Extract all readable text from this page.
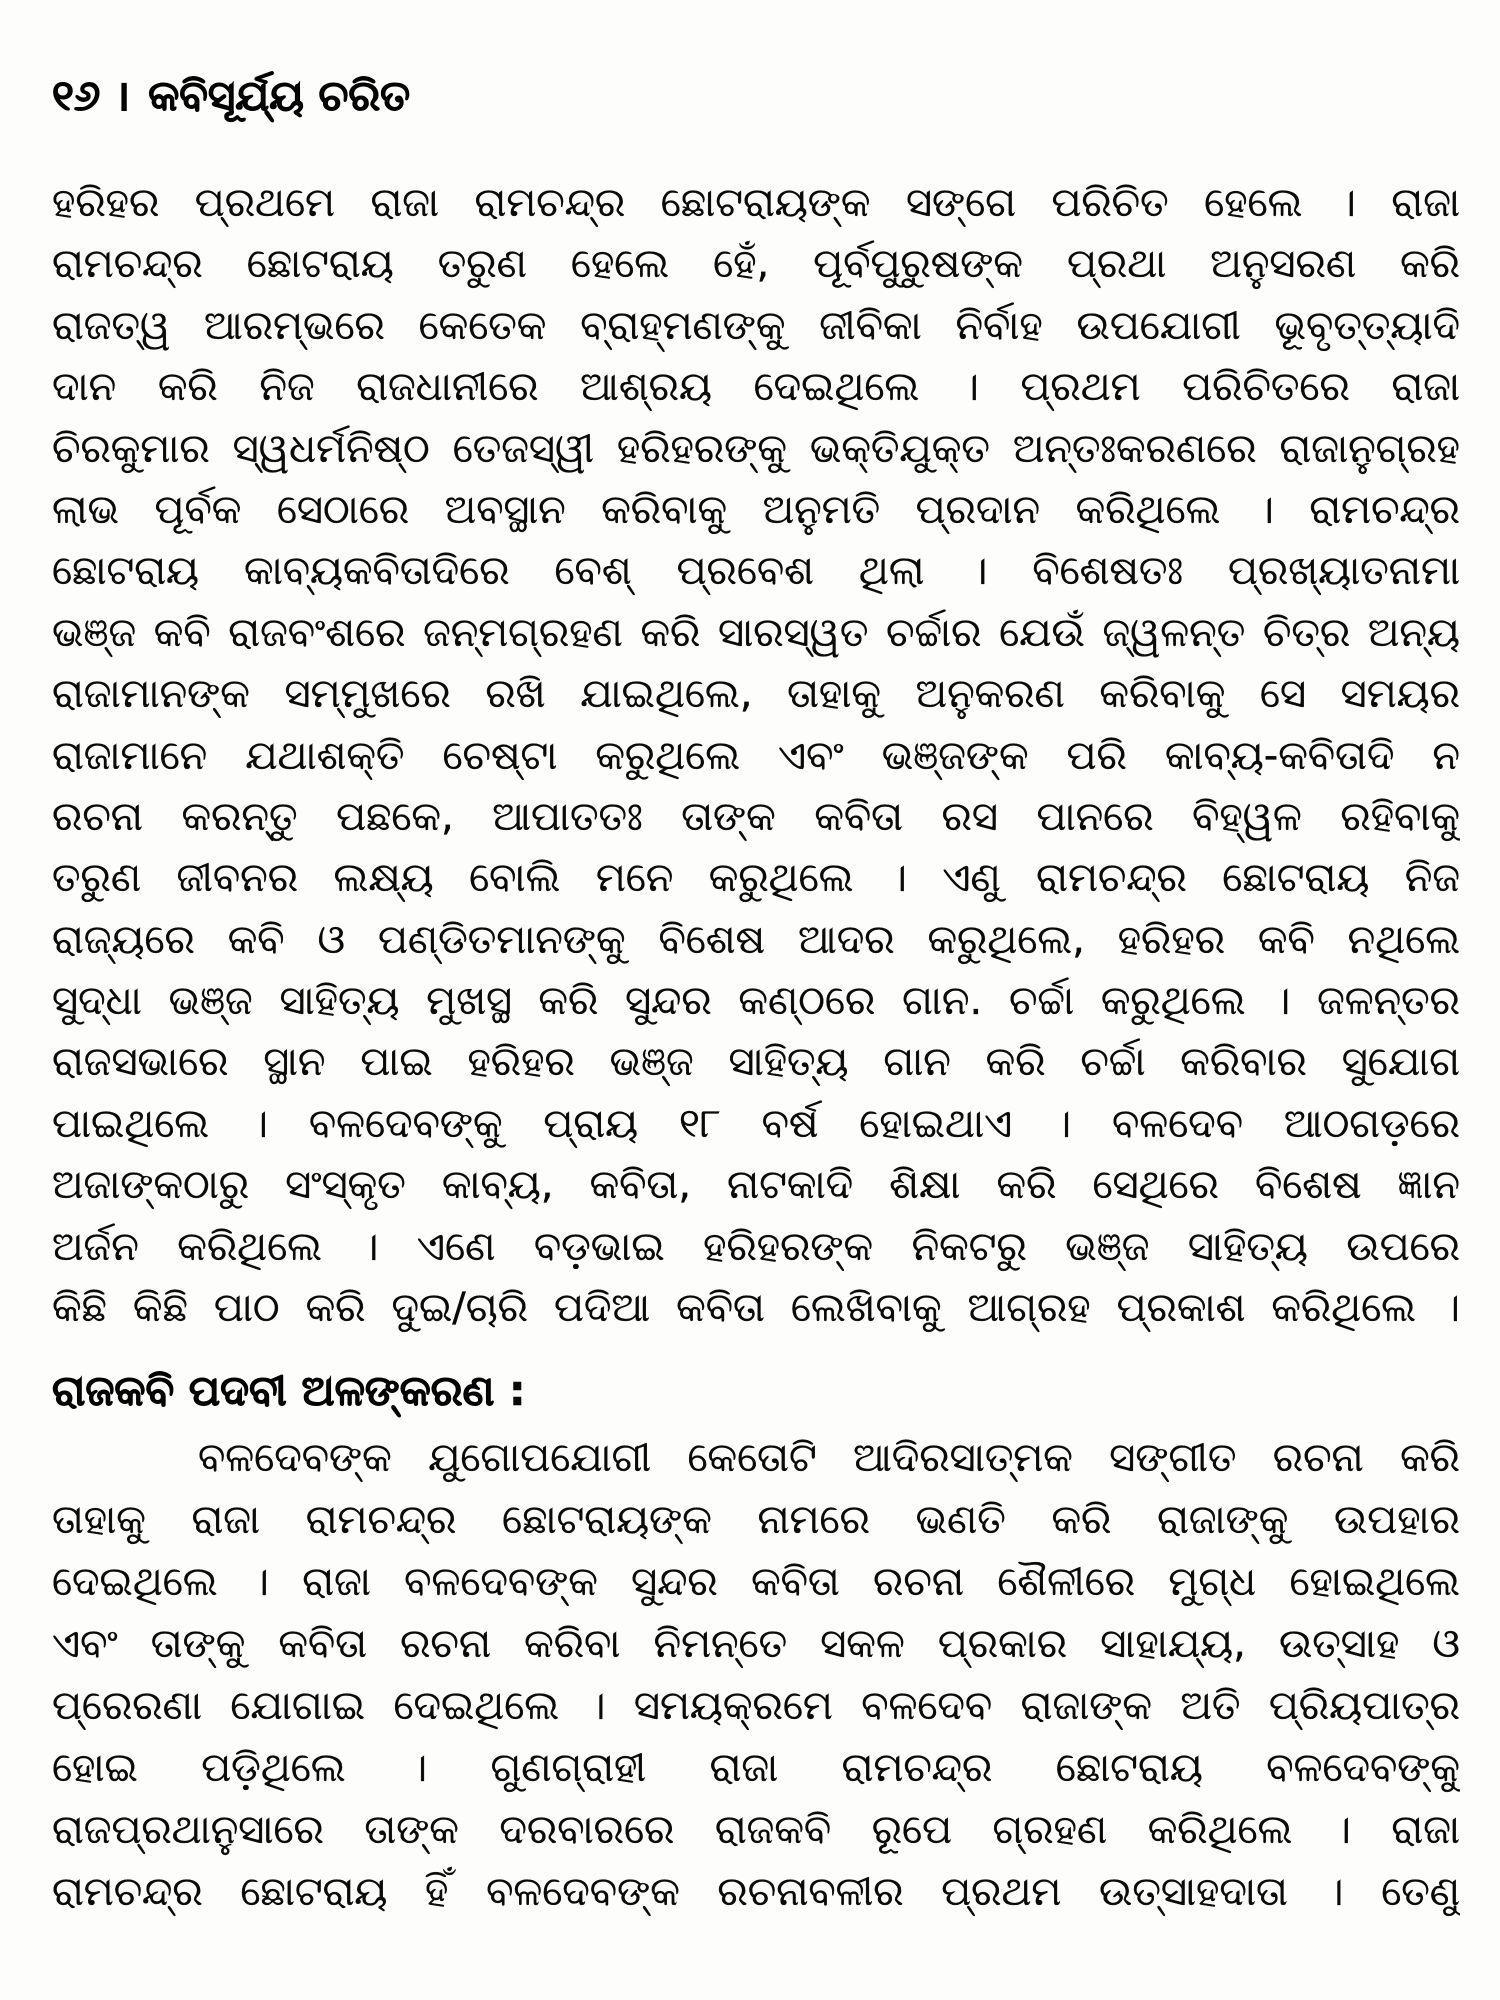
୧୬ । କବିସୂର୍ଯ୍ୟ ଚରିତ
ହରିହର ପ୍ରଥମେ ରାଜା ରାମଚନ୍ଦ୍ର ଛୋଟରାୟଙ୍କ ସଙ୍ଗେ ପରିଚିତ ହେଲେ । ରାଜା
ରାମଚନ୍ଦ୍ର ଛୋଟରାୟ ତରୁଣ ହେଲେ ହେଁ, ପୂର୍ବପୁରୁଷଙ୍କ ପ୍ରଥା ଅନୁସରଣ କରି
ରାଜତ୍ୱ ଆରମ୍ଭରେ କେତେକ ବ୍ରାହ୍ମଣଙ୍କୁ ଜୀବିକା ନିର୍ବାହ ଉପଯୋଗୀ ଭୂବୃତ୍ତ୍ୟାଦି
ଦାନ କରି ନିଜ ରାଜଧାନୀରେ ଆଶ୍ରୟ ଦେଇଥିଲେ । ପ୍ରଥମ ପରିଚିତରେ ରାଜା
ଚିରକୁମାର ସ୍ୱଧର୍ମନିଷ୍ଠ ତେଜସ୍ୱୀ ହରିହରଙ୍କୁ ଭକ୍ତିଯୁକ୍ତ ଅନ୍ତଃକରଣରେ ରାଜାନୁଗ୍ରହ
ଲାଭ ପୂର୍ବକ ସେଠାରେ ଅବସ୍ଥାନ କରିବାକୁ ଅନୁମତି ପ୍ରଦାନ କରିଥିଲେ । ରାମଚନ୍ଦ୍ର
ଛୋଟରାୟ କାବ୍ୟକବିତାଦିରେ ବେଶ୍ ପ୍ରବେଶ ଥିଲା । ବିଶେଷତଃ ପ୍ରଖ୍ୟାତନାମା
ଭଞ୍ଜ କବି ରାଜବଂଶରେ ଜନ୍ମଗ୍ରହଣ କରି ସାରସ୍ୱତ ଚର୍ଚ୍ଚାର ଯେଉଁ ଜ୍ୱଳନ୍ତ ଚିତ୍ର ଅନ୍ୟ
ରାଜାମାନଙ୍କ ସମ୍ମୁଖରେ ରଖି ଯାଇଥିଲେ, ତାହାକୁ ଅନୁକରଣ କରିବାକୁ ସେ ସମୟର
ରାଜାମାନେ ଯଥାଶକ୍ତି ଚେଷ୍ଟା କରୁଥିଲେ ଏବଂ ଭଞ୍ଜଙ୍କ ପରି କାବ୍ୟ-କବିତାଦି ନ
ରଚନା କରନ୍ତୁ ପଛକେ, ଆପାତତଃ ତାଙ୍କ କବିତା ରସ ପାନରେ ବିହ୍ୱଳ ରହିବାକୁ
ତରୁଣ ଜୀବନର ଲକ୍ଷ୍ୟ ବୋଲି ମନେ କରୁଥିଲେ । ଏଣୁ ରାମଚନ୍ଦ୍ର ଛୋଟରାୟ ନିଜ
ରାଜ୍ୟରେ କବି ଓ ପଣ୍ଡିତମାନଙ୍କୁ ବିଶେଷ ଆଦର କରୁଥିଲେ, ହରିହର କବି ନଥିଲେ
ସୁଦ୍ଧା ଭଞ୍ଜ ସାହିତ୍ୟ ମୁଖସ୍ଥ କରି ସୁନ୍ଦର କଣ୍ଠରେ ଗାନ. ଚର୍ଚ୍ଚା କରୁଥିଲେ । ଜଳନ୍ତର
ରାଜସଭାରେ ସ୍ଥାନ ପାଇ ହରିହର ଭଞ୍ଜ ସାହିତ୍ୟ ଗାନ କରି ଚର୍ଚ୍ଚା କରିବାର ସୁଯୋଗ
ପାଇଥିଲେ । ବଳଦେବଙ୍କୁ ପ୍ରାୟ ୧୮ ବର୍ଷ ହୋଇଥାଏ । ବଳଦେବ ଆଠଗଡ଼ରେ
ଅଜାଙ୍କଠାରୁ ସଂସ୍କୃତ କାବ୍ୟ, କବିତା, ନାଟକାଦି ଶିକ୍ଷା କରି ସେଥିରେ ବିଶେଷ ଜ୍ଞାନ
ଅର୍ଜନ କରିଥିଲେ । ଏଣେ ବଡ଼ଭାଇ ହରିହରଙ୍କ ନିକଟରୁ ଭଞ୍ଜ ସାହିତ୍ୟ ଉପରେ
କିଛି କିଛି ପାଠ କରି ଦୁଇ/ଚାରି ପଦିଆ କବିତା ଲେଖିବାକୁ ଆଗ୍ରହ ପ୍ରକାଶ କରିଥିଲେ ।
ରାଜକବି ପଦବୀ ଅଳଙ୍କରଣ :
ବଳଦେବଙ୍କ ଯୁଗୋପଯୋଗୀ କେତୋଟି ଆଦିରସାତ୍ମକ ସଙ୍ଗୀତ ରଚନା କରି
ତାହାକୁ ରାଜା ରାମଚନ୍ଦ୍ର ଛୋଟରାୟଙ୍କ ନାମରେ ଭଣତି କରି ରାଜାଙ୍କୁ ଉପହାର
ଦେଇଥିଲେ । ରାଜା ବଳଦେବଙ୍କ ସୁନ୍ଦର କବିତା ରଚନା ଶୈଳୀରେ ମୁଗ୍ଧ ହୋଇଥିଲେ
ଏବଂ ତାଙ୍କୁ କବିତା ରଚନା କରିବା ନିମନ୍ତେ ସକଳ ପ୍ରକାର ସାହାଯ୍ୟ, ଉତ୍ସାହ ଓ
ପ୍ରେରଣା ଯୋଗାଇ ଦେଇଥିଲେ । ସମୟକ୍ରମେ ବଳଦେବ ରାଜାଙ୍କ ଅତି ପ୍ରିୟପାତ୍ର
ହୋଇ ପଡ଼ିଥିଲେ । ଗୁଣଗ୍ରାହୀ ରାଜା ରାମଚନ୍ଦ୍ର ଛୋଟରାୟ ବଳଦେବଙ୍କୁ
ରାଜପ୍ରଥାନୁସାରେ ତାଙ୍କ ଦରବାରରେ ରାଜକବି ରୂପେ ଗ୍ରହଣ କରିଥିଲେ । ରାଜା
ରାମଚନ୍ଦ୍ର ଛୋଟରାୟ ହିଁ ବଳଦେବଙ୍କ ରଚନାବଳୀର ପ୍ରଥମ ଉତ୍ସାହଦାତା । ତେଣୁ
